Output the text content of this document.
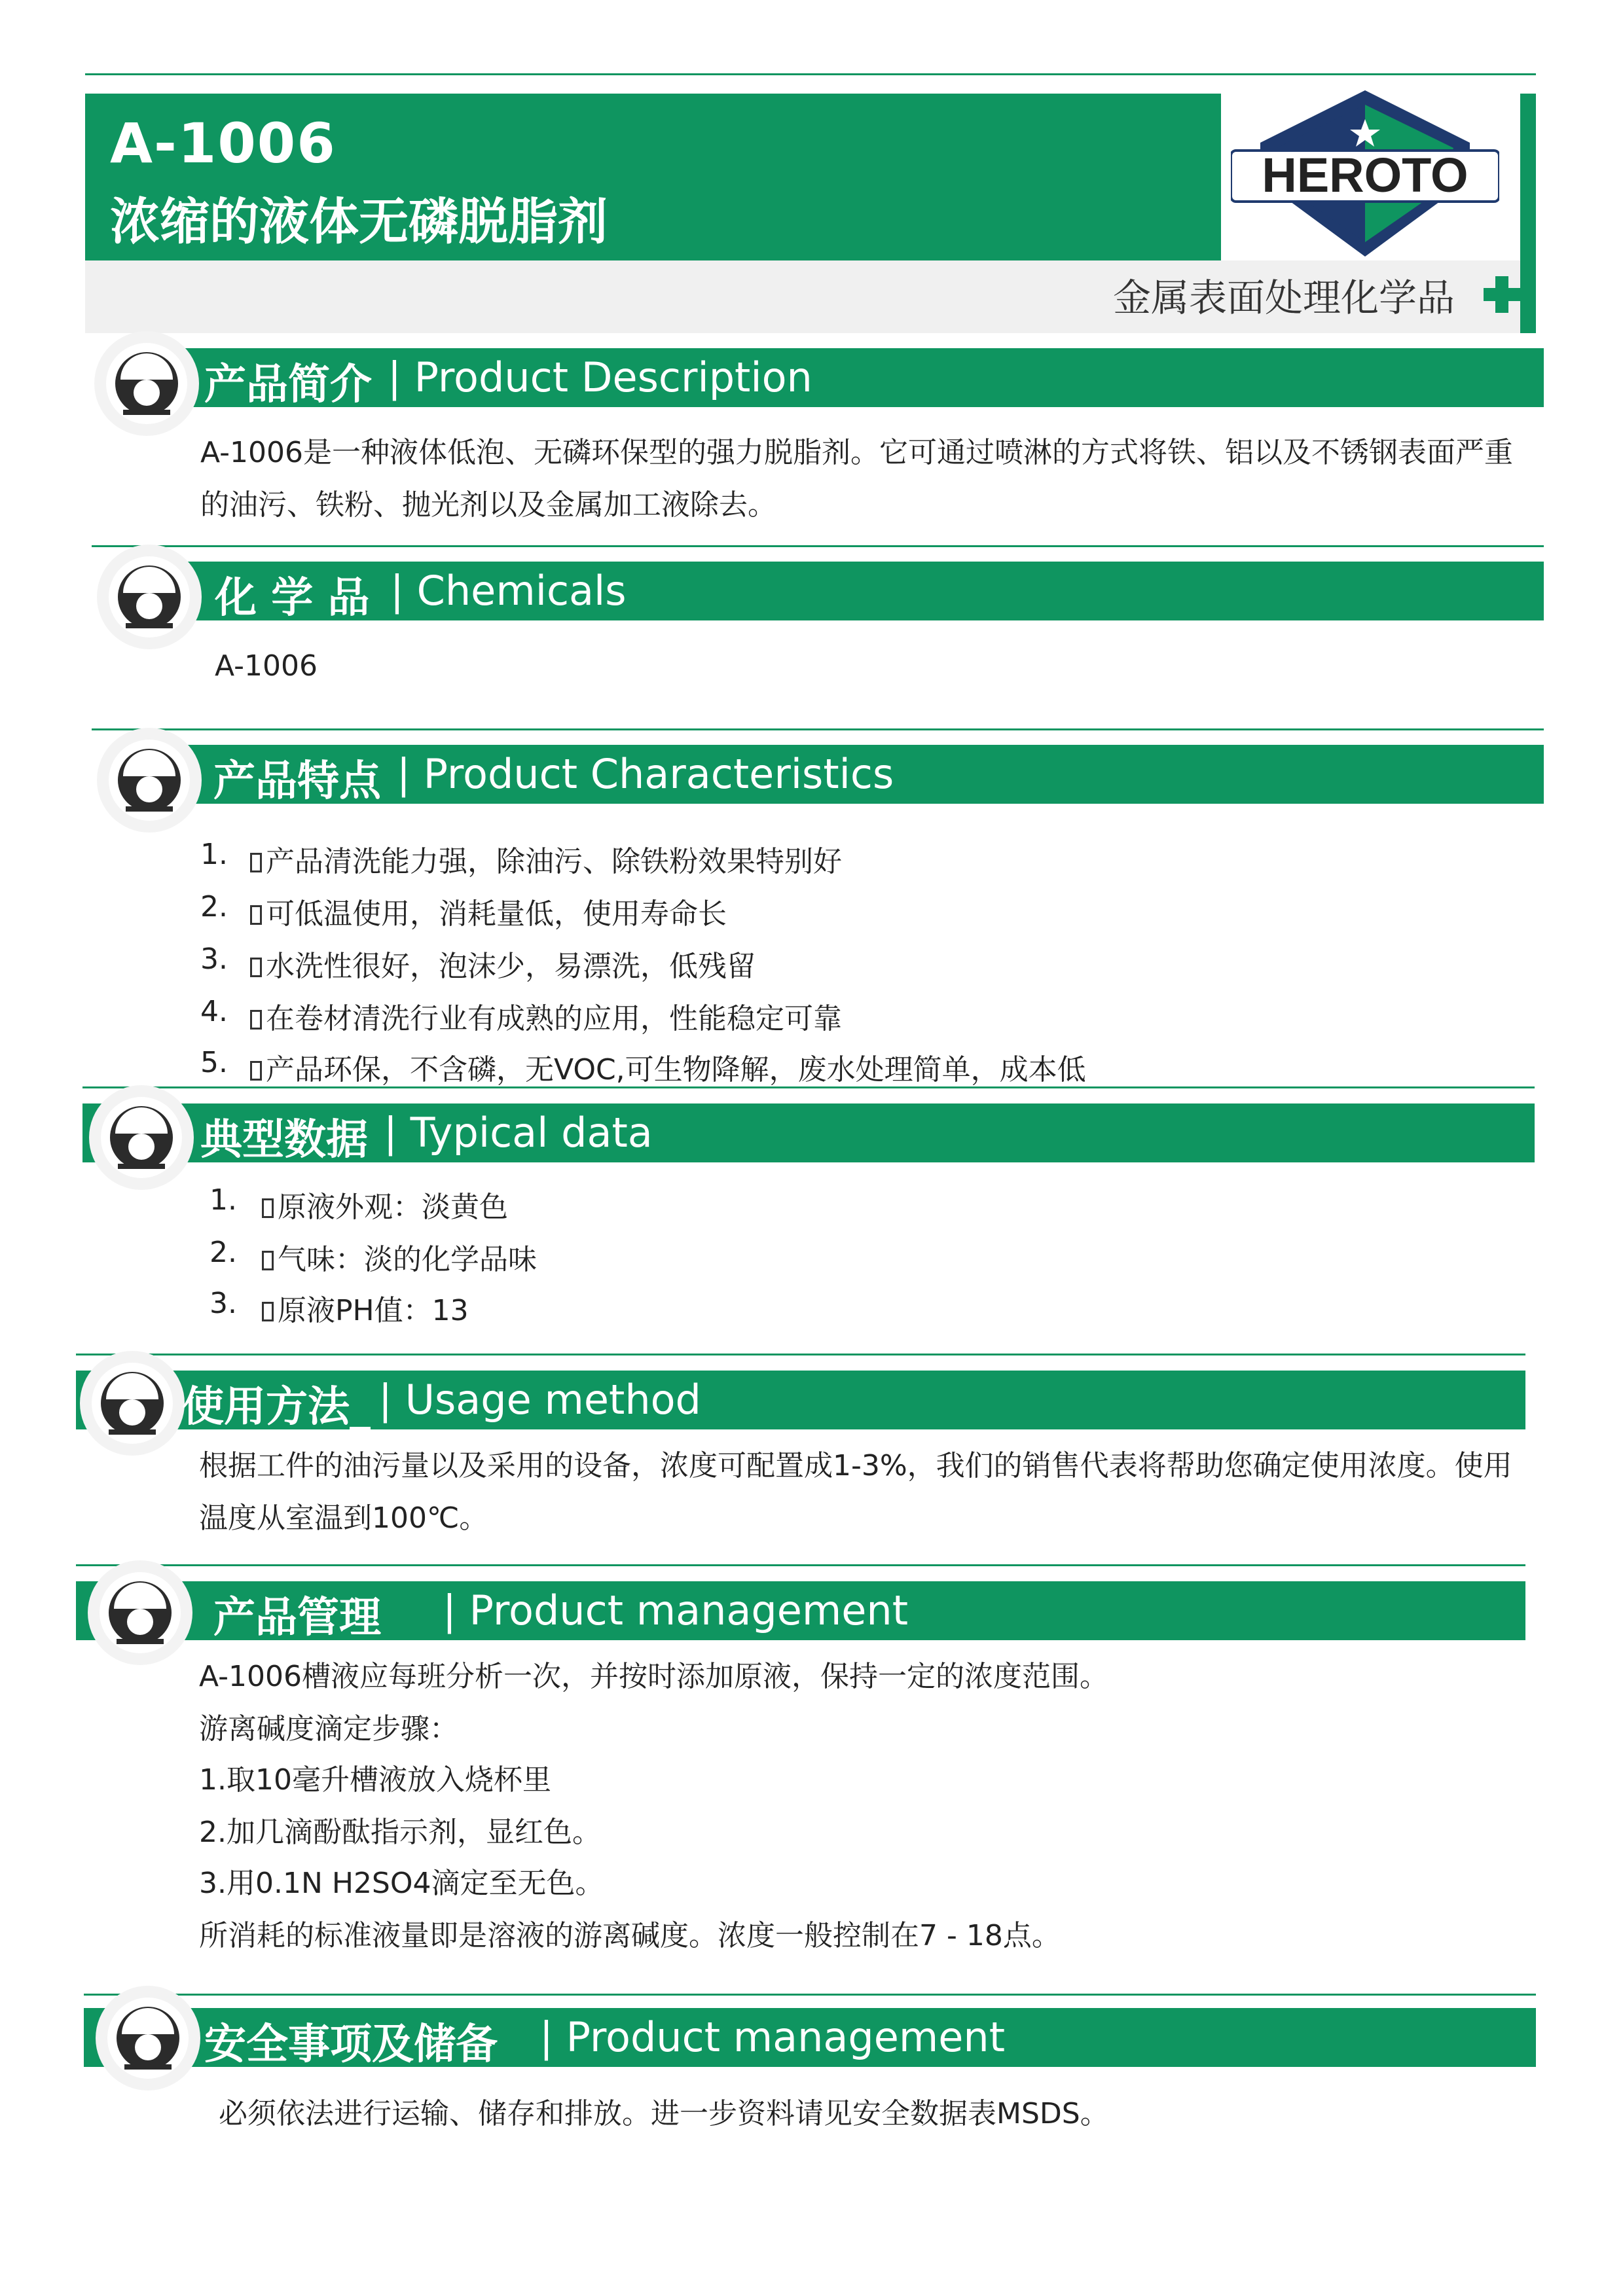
A-1006
浓缩的液体无磷脱脂剂
HEROTO
金属表面处理化学品
产品简介 | Product Description
A-1006是一种液体低泡、无磷环保型的强力脱脂剂。它可通过喷淋的方式将铁、铝以及不锈钢表面严重
的油污、铁粉、抛光剂以及金属加工液除去。
化 学 品 | Chemicals
A-1006
产品特点 | Product Characteristics
1.	产品清洗能力强，除油污、除铁粉效果特别好
2.	可低温使用，消耗量低，使用寿命长
3.	水洗性很好，泡沫少，易漂洗，低残留
4.	在卷材清洗行业有成熟的应用，性能稳定可靠
5.	产品环保，不含磷，无VOC,可生物降解，废水处理简单，成本低
典型数据 | Typical data
1.	原液外观：淡黄色
2.	气味：淡的化学品味
3.	原液PH值：13
使用方法_ | Usage method
根据工件的油污量以及采用的设备，浓度可配置成1-3%，我们的销售代表将帮助您确定使用浓度。使用
温度从室温到100℃。
产品管理 | Product management
A-1006槽液应每班分析一次，并按时添加原液，保持一定的浓度范围。
游离碱度滴定步骤：
1.取10毫升槽液放入烧杯里
2.加几滴酚酞指示剂，显红色。
3.用0.1N H2SO4滴定至无色。
所消耗的标准液量即是溶液的游离碱度。浓度一般控制在7 - 18点。
安全事项及储备 | Product management
必须依法进行运输、储存和排放。进一步资料请见安全数据表MSDS。
